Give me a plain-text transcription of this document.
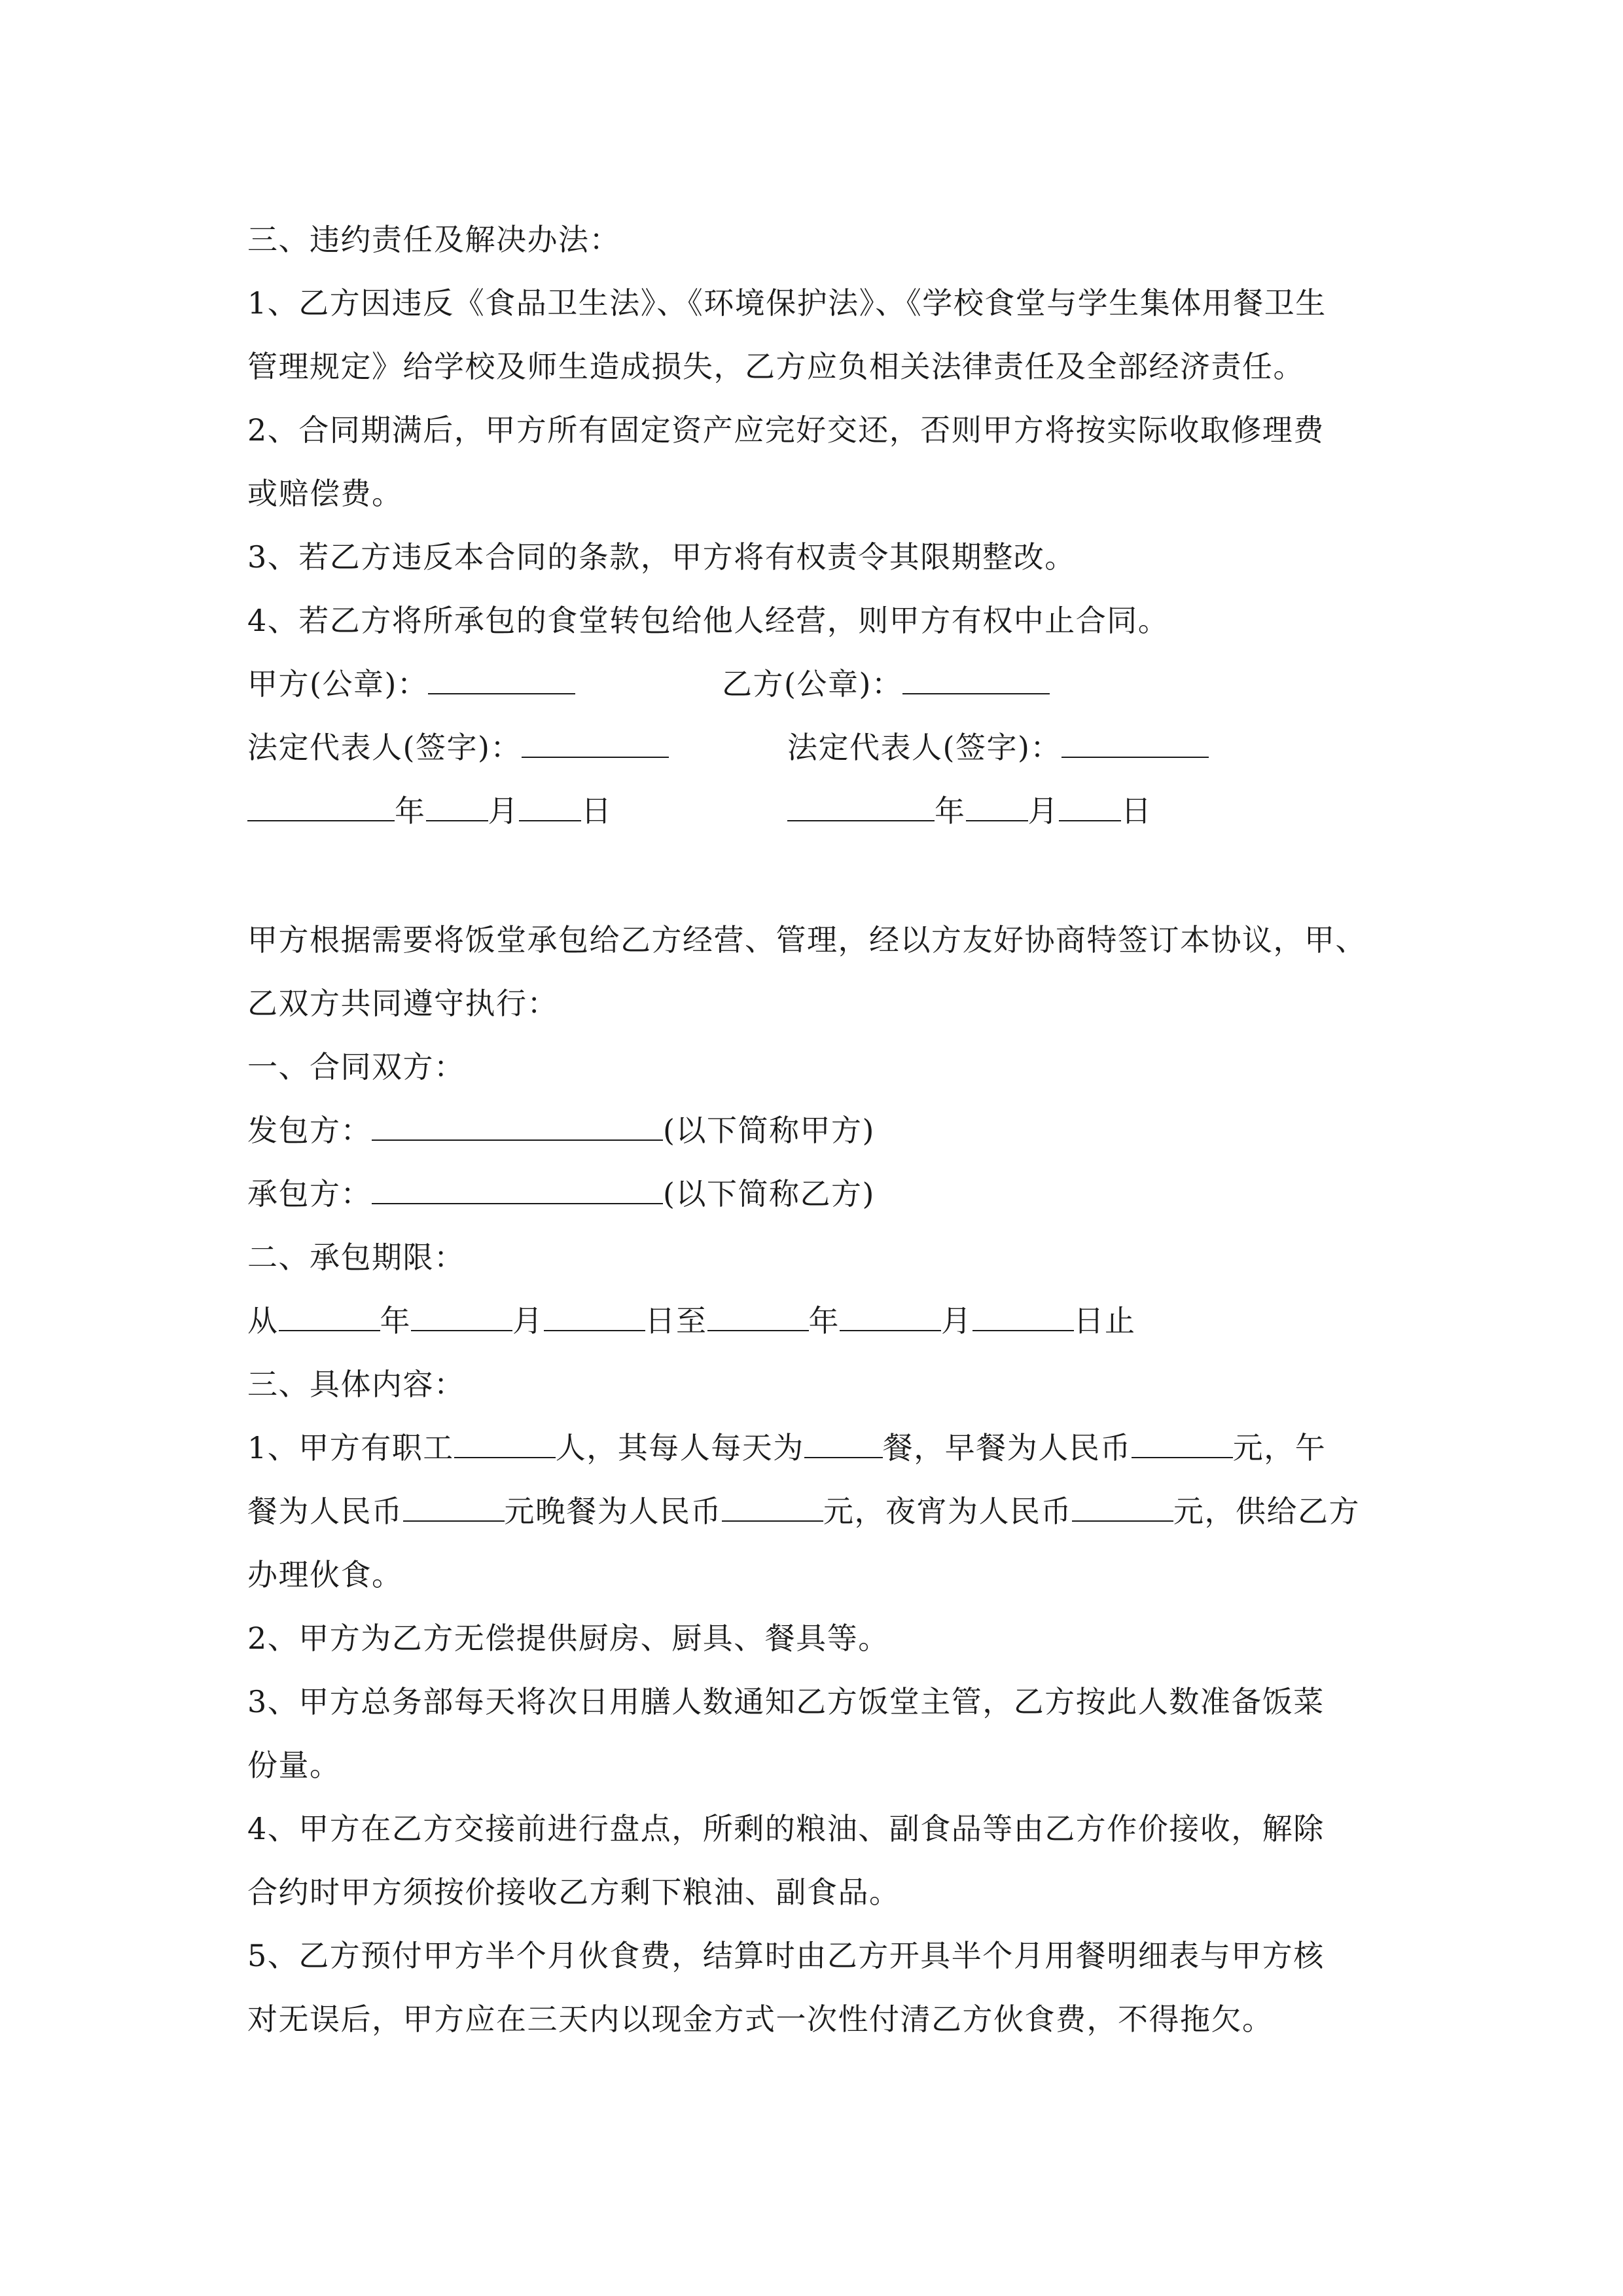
三、违约责任及解决办法：
1、乙方因违反《食品卫生法》、《环境保护法》、《学校食堂与学生集体用餐卫生
管理规定》给学校及师生造成损失，乙方应负相关法律责任及全部经济责任。
2、合同期满后，甲方所有固定资产应完好交还，否则甲方将按实际收取修理费
或赔偿费。
3、若乙方违反本合同的条款，甲方将有权责令其限期整改。
4、若乙方将所承包的食堂转包给他人经营，则甲方有权中止合同。
甲方(公章)：	乙方(公章)：
法定代表人(签字)：	法定代表人(签字)：
年 月 日	年 月 日
甲方根据需要将饭堂承包给乙方经营、管理，经以方友好协商特签订本协议，甲、
乙双方共同遵守执行：
一、合同双方：
发包方：	(以下简称甲方)
承包方：	(以下简称乙方)
二、承包期限：
从	年	月	日至	年	月	日止
三、具体内容：
1、甲方有职工	人，其每人每天为	餐，早餐为人民币	元，午
餐为人民币	元晚餐为人民币	元，夜宵为人民币	元，供给乙方
办理伙食。
2、甲方为乙方无偿提供厨房、厨具、餐具等。
3、甲方总务部每天将次日用膳人数通知乙方饭堂主管，乙方按此人数准备饭菜
份量。
4、甲方在乙方交接前进行盘点，所剩的粮油、副食品等由乙方作价接收，解除
合约时甲方须按价接收乙方剩下粮油、副食品。
5、乙方预付甲方半个月伙食费，结算时由乙方开具半个月用餐明细表与甲方核
对无误后，甲方应在三天内以现金方式一次性付清乙方伙食费，不得拖欠。
